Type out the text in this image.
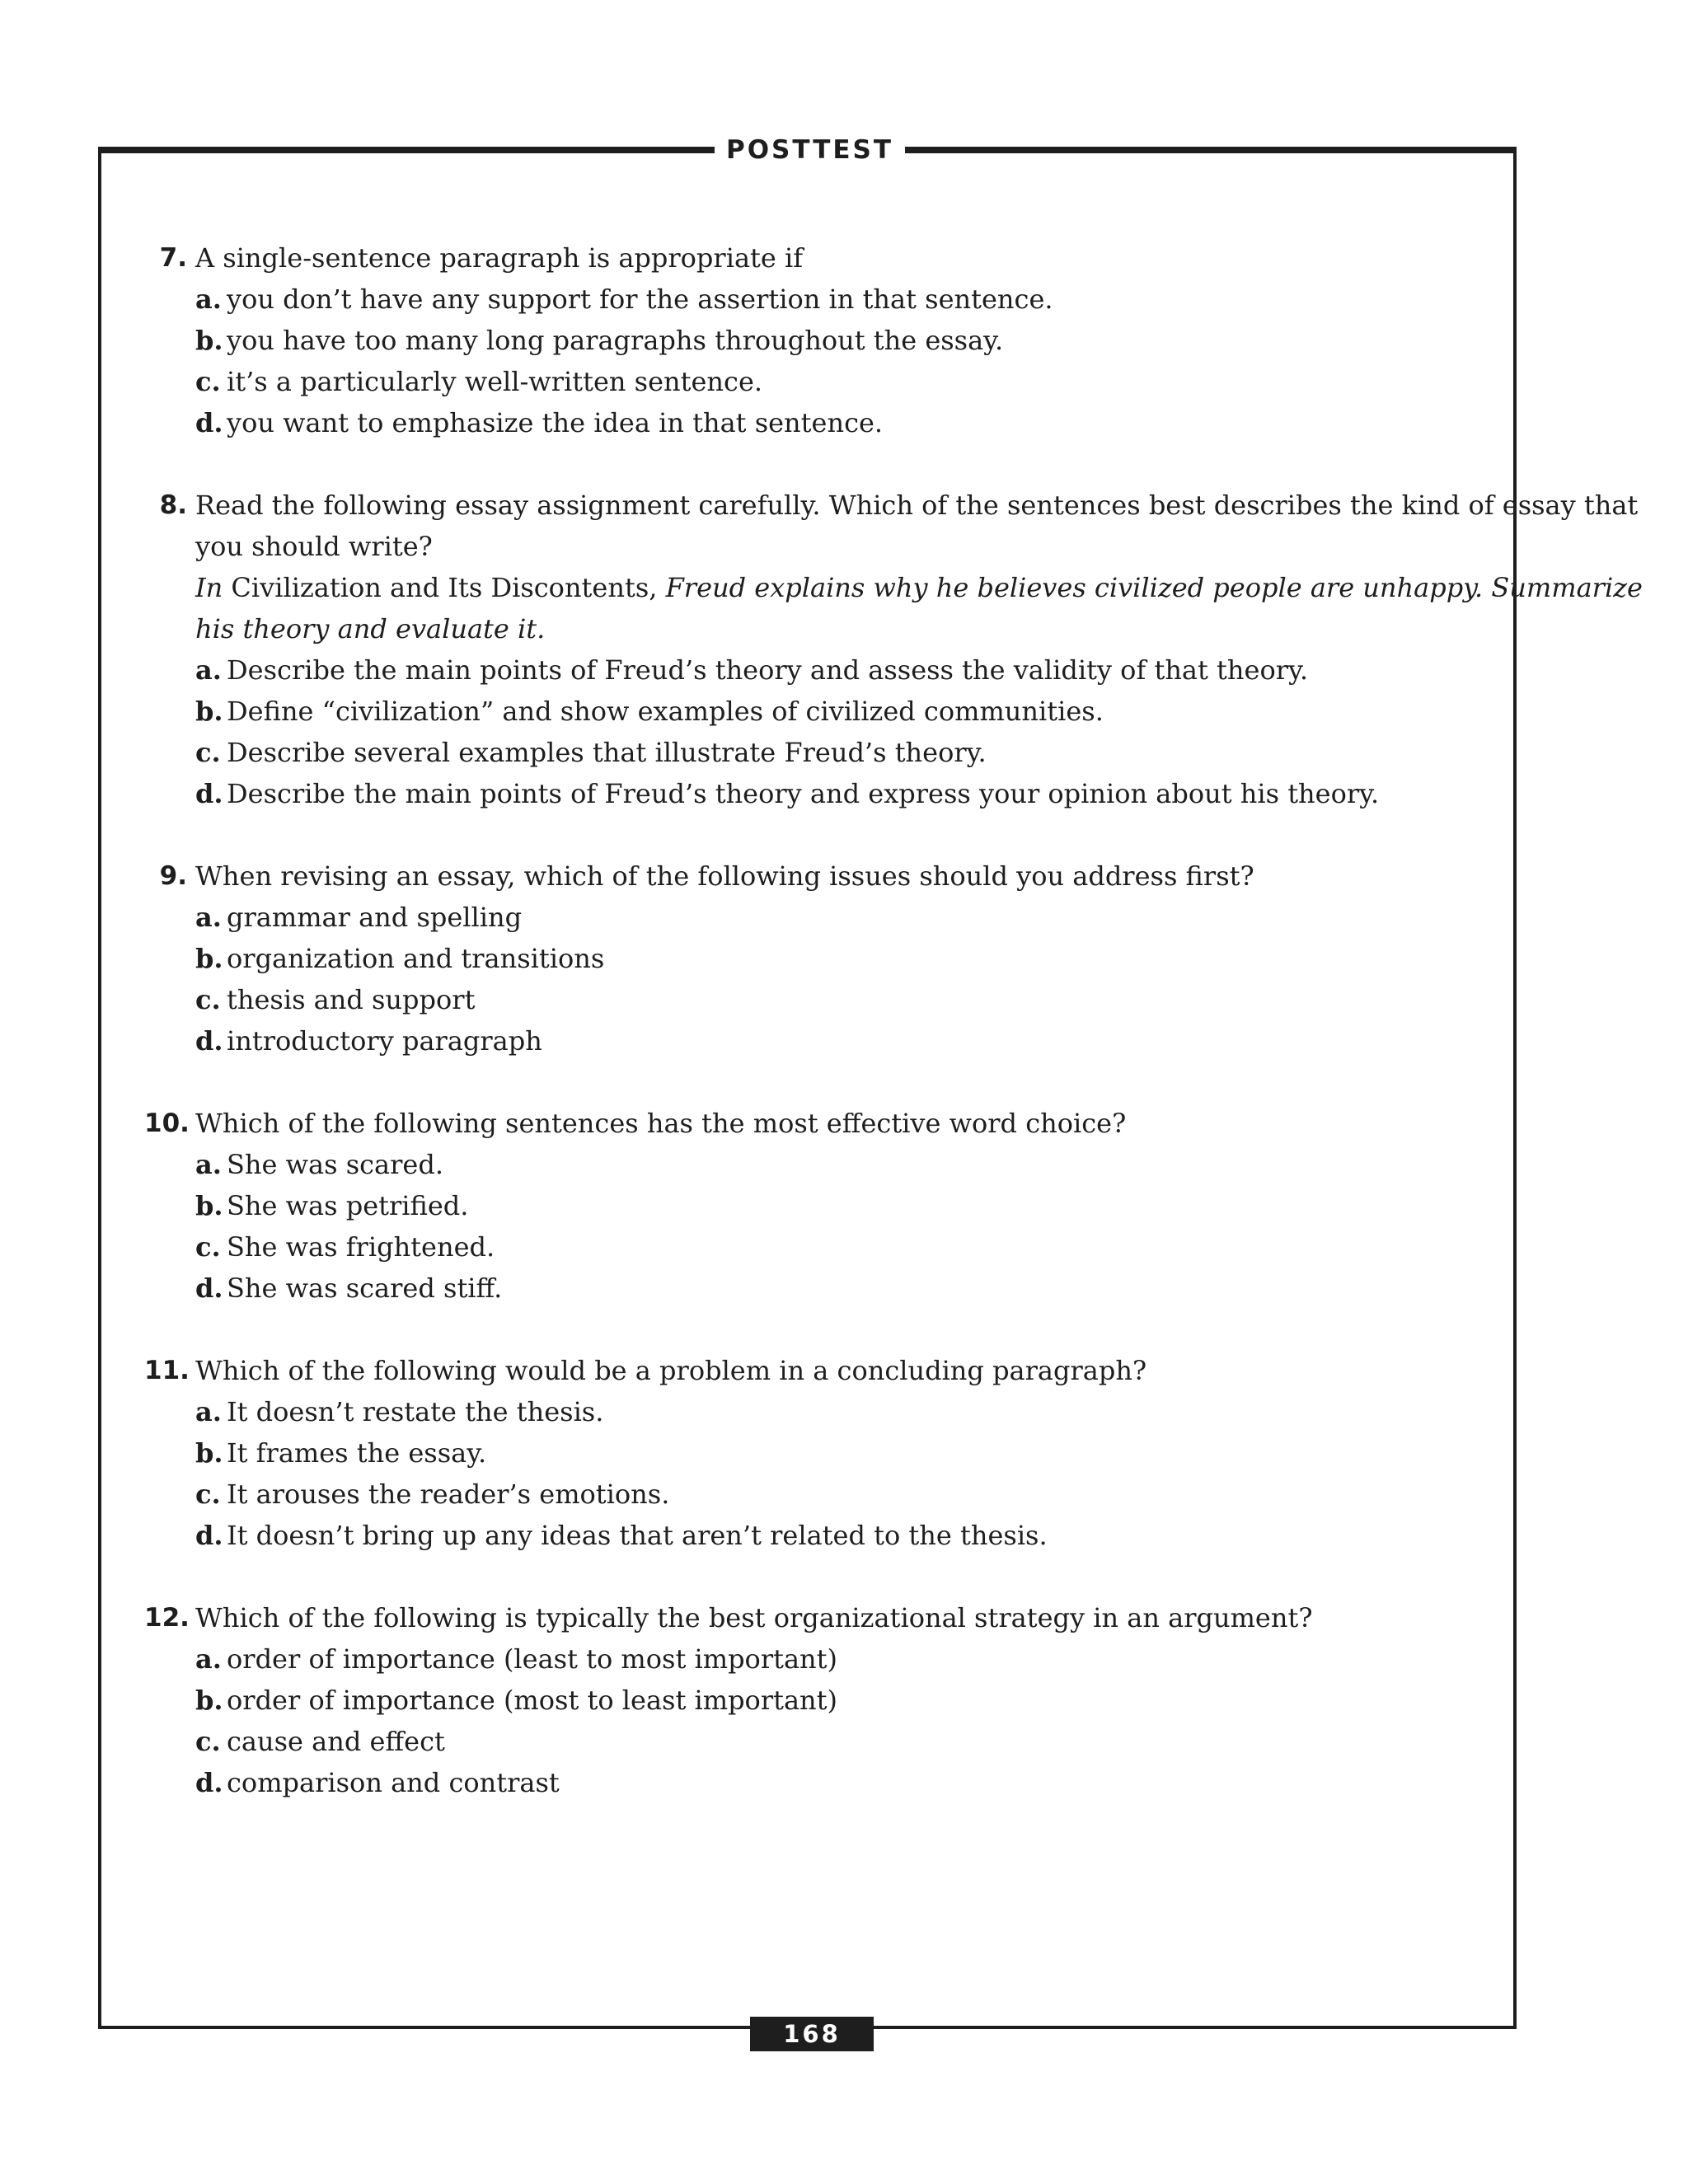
POSTTEST
7. A single-sentence paragraph is appropriate if
a. you don’t have any support for the assertion in that sentence.
b. you have too many long paragraphs throughout the essay.
c. it’s a particularly well-written sentence.
d. you want to emphasize the idea in that sentence.
8. Read the following essay assignment carefully. Which of the sentences best describes the kind of essay that
you should write?
In Civilization and Its Discontents, Freud explains why he believes civilized people are unhappy. Summarize
his theory and evaluate it.
a. Describe the main points of Freud’s theory and assess the validity of that theory.
b. Define “civilization” and show examples of civilized communities.
c. Describe several examples that illustrate Freud’s theory.
d. Describe the main points of Freud’s theory and express your opinion about his theory.
9. When revising an essay, which of the following issues should you address first?
a. grammar and spelling
b. organization and transitions
c. thesis and support
d. introductory paragraph
10. Which of the following sentences has the most effective word choice?
a. She was scared.
b. She was petrified.
c. She was frightened.
d. She was scared stiff.
11. Which of the following would be a problem in a concluding paragraph?
a. It doesn’t restate the thesis.
b. It frames the essay.
c. It arouses the reader’s emotions.
d. It doesn’t bring up any ideas that aren’t related to the thesis.
12. Which of the following is typically the best organizational strategy in an argument?
a. order of importance (least to most important)
b. order of importance (most to least important)
c. cause and effect
d. comparison and contrast
168
